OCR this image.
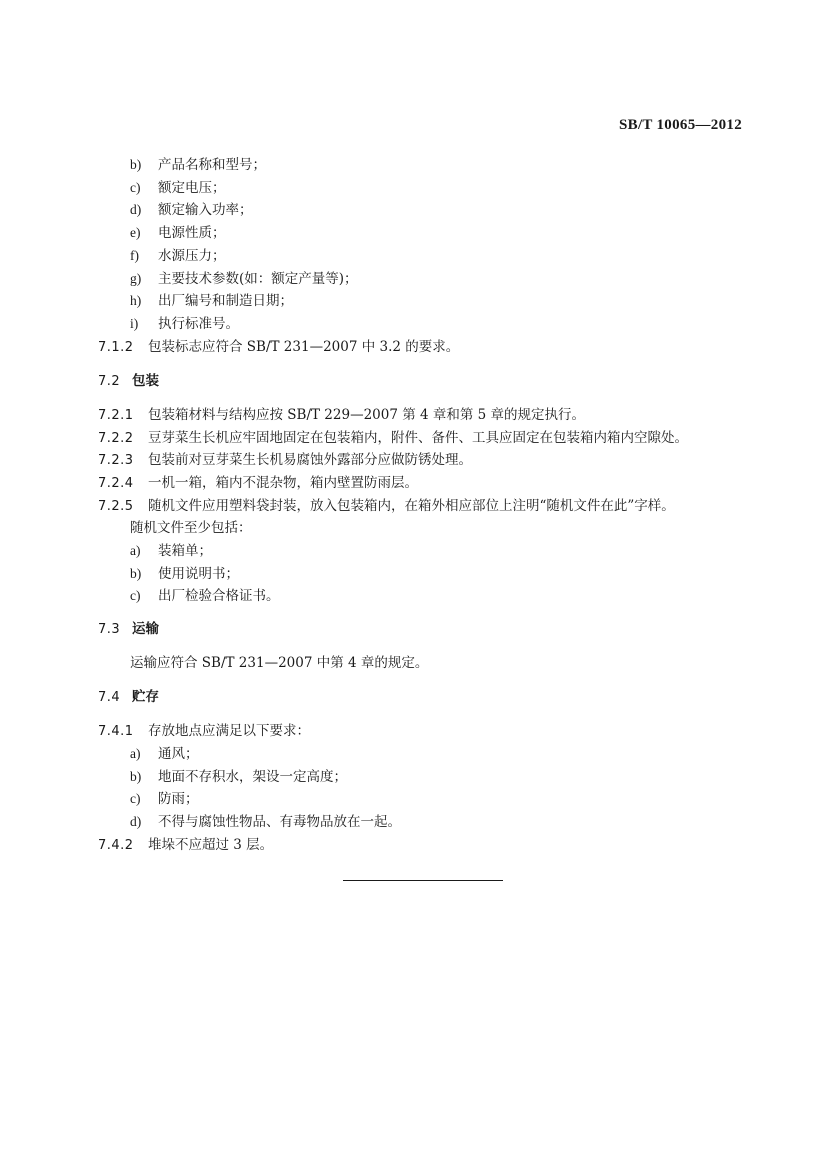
SB/T 10065—2012
b) 产品名称和型号；
c) 额定电压；
d) 额定输入功率；
e) 电源性质；
f) 水源压力；
g) 主要技术参数(如：额定产量等)；
h) 出厂编号和制造日期；
i) 执行标准号。
7.1.2 包装标志应符合 SB/T 231—2007 中 3.2 的要求。
7.2 包装
7.2.1 包装箱材料与结构应按 SB/T 229—2007 第 4 章和第 5 章的规定执行。
7.2.2 豆芽菜生长机应牢固地固定在包装箱内，附件、备件、工具应固定在包装箱内箱内空隙处。
7.2.3 包装前对豆芽菜生长机易腐蚀外露部分应做防锈处理。
7.2.4 一机一箱，箱内不混杂物，箱内壁置防雨层。
7.2.5 随机文件应用塑料袋封装，放入包装箱内，在箱外相应部位上注明“随机文件在此”字样。
随机文件至少包括：
a) 装箱单；
b) 使用说明书；
c) 出厂检验合格证书。
7.3 运输
运输应符合 SB/T 231—2007 中第 4 章的规定。
7.4 贮存
7.4.1 存放地点应满足以下要求：
a) 通风；
b) 地面不存积水，架设一定高度；
c) 防雨；
d) 不得与腐蚀性物品、有毒物品放在一起。
7.4.2 堆垛不应超过 3 层。
